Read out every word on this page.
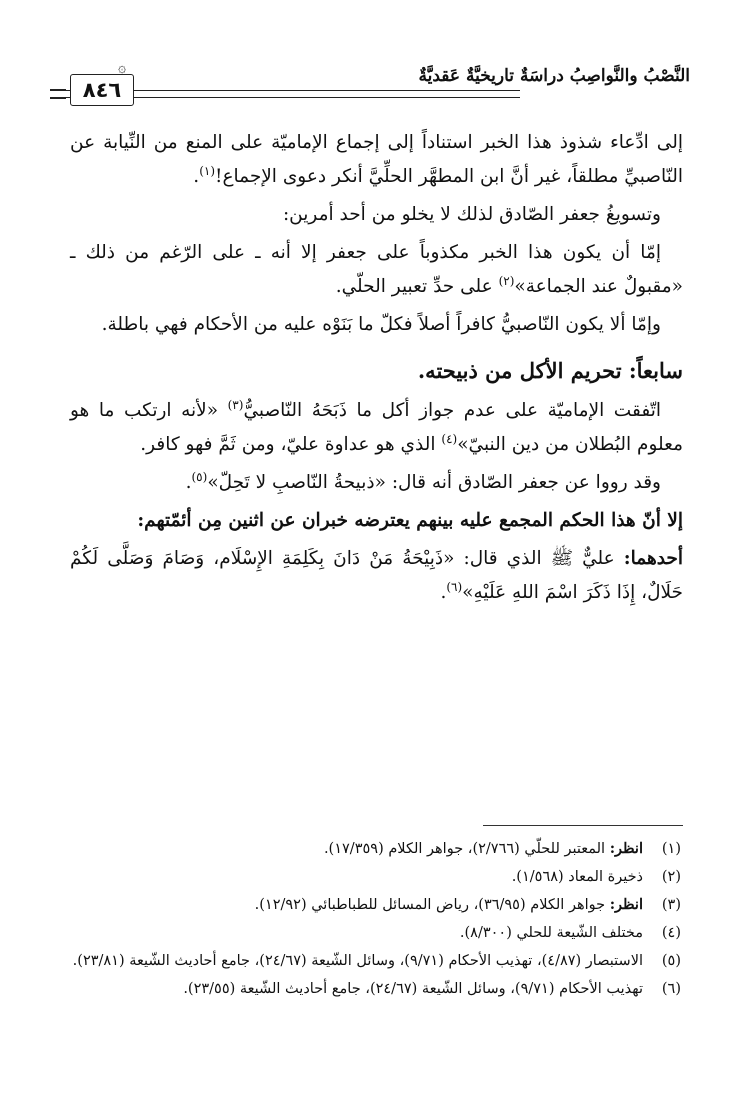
النَّصْبُ والنَّواصِبُ دراسَةٌ تاريخيَّةٌ عَقديَّةٌ
٨٤٦
۞

إلى ادِّعاء شذوذ هذا الخبر استناداً إلى إجماع الإماميّة على المنع من النِّيابة عن النّاصبيِّ مطلقاً، غير أنَّ ابن المطهَّر الحلِّيَّ أنكر دعوى الإجماع!$^{(١)}$.

وتسويغُ جعفر الصّادق لذلك لا يخلو من أحد أمرين:

إمّا أن يكون هذا الخبر مكذوباً على جعفر إلا أنه ـ على الرّغم من ذلك ـ «مقبولٌ عند الجماعة»$^{(٢)}$ على حدِّ تعبير الحلّي.

وإمّا ألا يكون النّاصبيُّ كافراً أصلاً فكلّ ما بَنَوْه عليه من الأحكام فهي باطلة.

سابعاً: تحريم الأكل من ذبيحته.

اتّفقت الإماميّة على عدم جواز أكل ما ذَبَحَهُ النّاصبيُّ$^{(٣)}$ «لأنه ارتكب ما هو معلوم البُطلان من دين النبيّ»$^{(٤)}$ الذي هو عداوة عليّ، ومن ثَمَّ فهو كافر.

وقد رووا عن جعفر الصّادق أنه قال: «ذبيحةُ النّاصبِ لا تَحِلّ»$^{(٥)}$.

إلا أنّ هذا الحكم المجمع عليه بينهم يعترضه خبران عن اثنين مِن أئمّتهم:

أحدهما: عليٌّ ﷺ الذي قال: «ذَبِيْحَةُ مَنْ دَانَ بِكَلِمَةِ الإِسْلَام، وَصَامَ وَصَلَّى لَكُمْ حَلَالٌ، إِذَا ذَكَرَ اسْمَ اللهِ عَلَيْهِ»$^{(٦)}$.

(١)
انظر: المعتبر للحلّي (٢/٧٦٦)، جواهر الكلام (١٧/٣٥٩).
(٢)
ذخيرة المعاد (١/٥٦٨).
(٣)
انظر: جواهر الكلام (٣٦/٩٥)، رياض المسائل للطباطبائي (١٢/٩٢).
(٤)
مختلف الشّيعة للحلي (٨/٣٠٠).
(٥)
الاستبصار (٤/٨٧)، تهذيب الأحكام (٩/٧١)، وسائل الشّيعة (٢٤/٦٧)، جامع أحاديث الشّيعة (٢٣/٨١).
(٦)
تهذيب الأحكام (٩/٧١)، وسائل الشّيعة (٢٤/٦٧)، جامع أحاديث الشّيعة (٢٣/٥٥).
